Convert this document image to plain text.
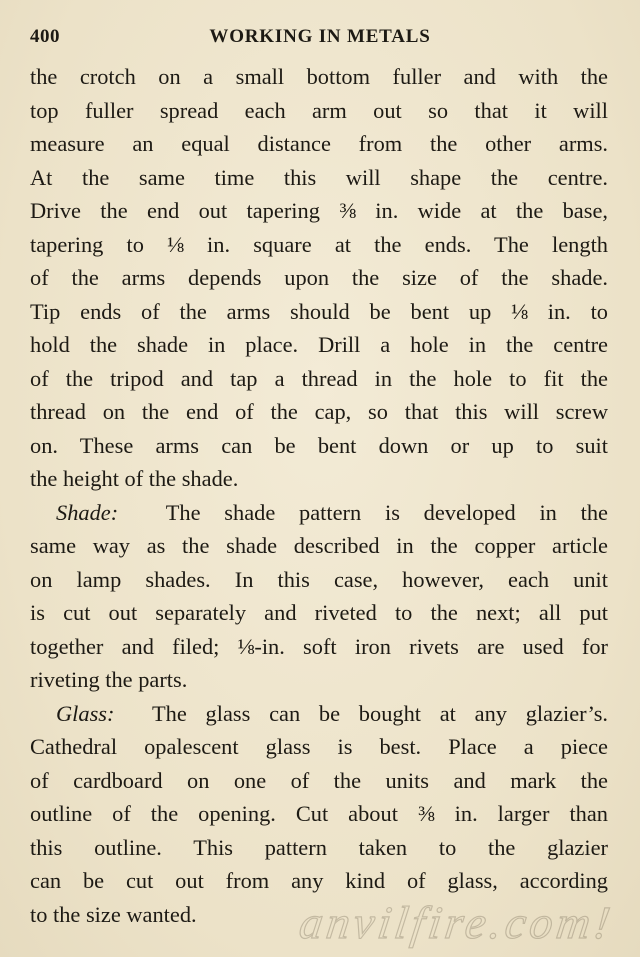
400	WORKING IN METALS
the crotch on a small bottom fuller and with the
top fuller spread each arm out so that it will
measure an equal distance from the other arms.
At the same time this will shape the centre.
Drive the end out tapering ⅜ in. wide at the base,
tapering to ⅛ in. square at the ends. The length
of the arms depends upon the size of the shade.
Tip ends of the arms should be bent up ⅛ in. to
hold the shade in place. Drill a hole in the centre
of the tripod and tap a thread in the hole to fit the
thread on the end of the cap, so that this will screw
on. These arms can be bent down or up to suit
the height of the shade.
Shade: The shade pattern is developed in the
same way as the shade described in the copper article
on lamp shades. In this case, however, each unit
is cut out separately and riveted to the next; all put
together and filed; ⅛-in. soft iron rivets are used for
riveting the parts.
Glass: The glass can be bought at any glazier’s.
Cathedral opalescent glass is best. Place a piece
of cardboard on one of the units and mark the
outline of the opening. Cut about ⅜ in. larger than
this outline. This pattern taken to the glazier
can be cut out from any kind of glass, according
to the size wanted.	anvilfire.com!
